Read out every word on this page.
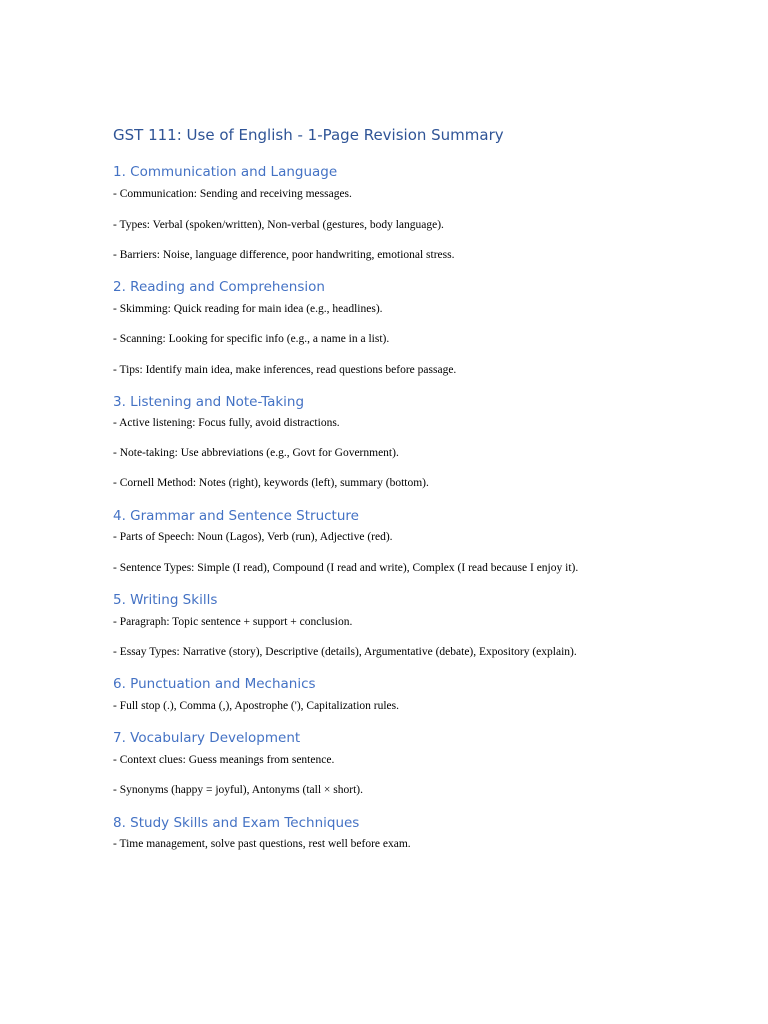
GST 111: Use of English - 1-Page Revision Summary
1. Communication and Language

- Communication: Sending and receiving messages.

- Types: Verbal (spoken/written), Non-verbal (gestures, body language).

- Barriers: Noise, language difference, poor handwriting, emotional stress.

2. Reading and Comprehension

- Skimming: Quick reading for main idea (e.g., headlines).

- Scanning: Looking for specific info (e.g., a name in a list).

- Tips: Identify main idea, make inferences, read questions before passage.

3. Listening and Note-Taking

- Active listening: Focus fully, avoid distractions.

- Note-taking: Use abbreviations (e.g., Govt for Government).

- Cornell Method: Notes (right), keywords (left), summary (bottom).

4. Grammar and Sentence Structure

- Parts of Speech: Noun (Lagos), Verb (run), Adjective (red).

- Sentence Types: Simple (I read), Compound (I read and write), Complex (I read because I enjoy it).

5. Writing Skills

- Paragraph: Topic sentence + support + conclusion.

- Essay Types: Narrative (story), Descriptive (details), Argumentative (debate), Expository (explain).

6. Punctuation and Mechanics

- Full stop (.), Comma (,), Apostrophe ('), Capitalization rules.

7. Vocabulary Development

- Context clues: Guess meanings from sentence.

- Synonyms (happy = joyful), Antonyms (tall × short).

8. Study Skills and Exam Techniques

- Time management, solve past questions, rest well before exam.
